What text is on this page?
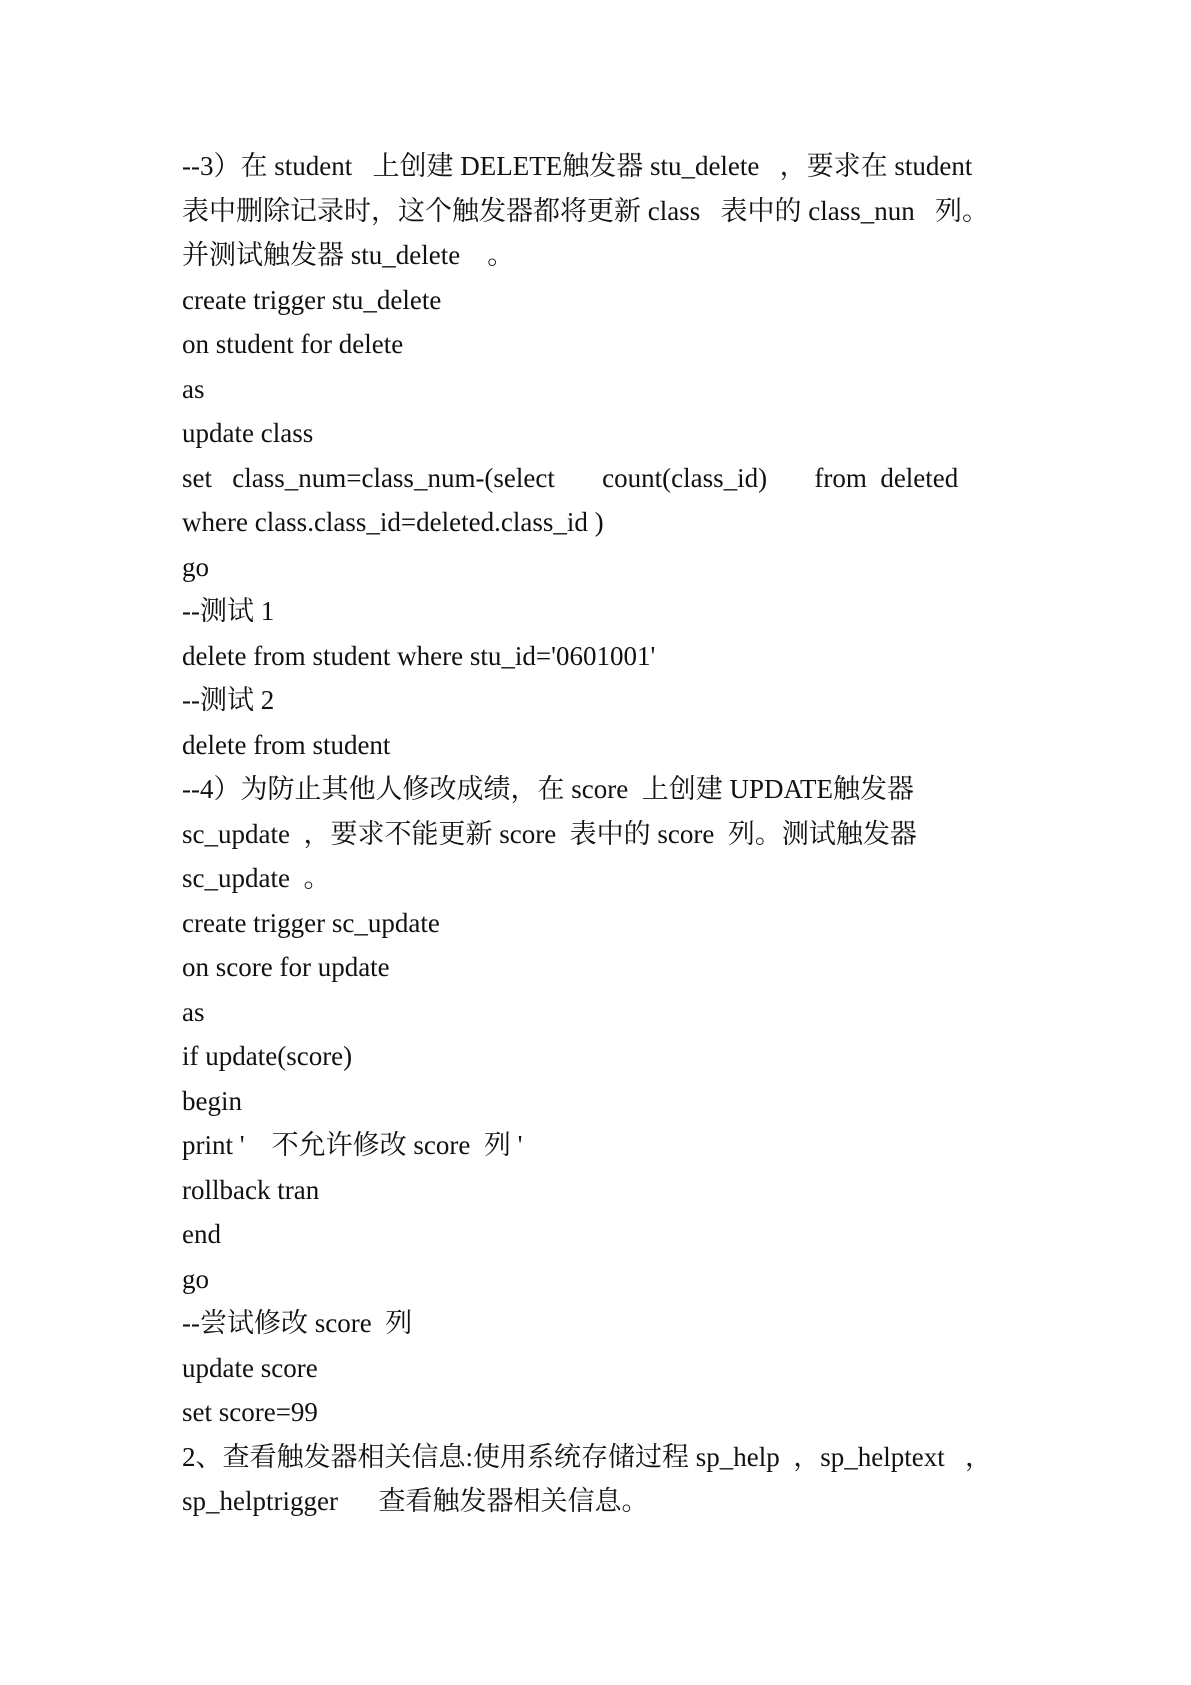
--3）在 student   上创建 DELETE触发器 stu_delete   ，要求在 student
表中删除记录时，这个触发器都将更新 class   表中的 class_nun   列。
并测试触发器 stu_delete    。
create trigger stu_delete
on student for delete
as
update class
set   class_num=class_num-(select       count(class_id)       from  deleted
where class.class_id=deleted.class_id )
go
--测试 1
delete from student where stu_id='0601001'
--测试 2
delete from student
--4）为防止其他人修改成绩，在 score  上创建 UPDATE触发器
sc_update  ，要求不能更新 score  表中的 score  列。测试触发器
sc_update  。
create trigger sc_update
on score for update
as
if update(score)
begin
print '    不允许修改 score  列 '
rollback tran
end
go
--尝试修改 score  列
update score
set score=99
2、查看触发器相关信息:使用系统存储过程 sp_help  ，sp_helptext   ，
sp_helptrigger      查看触发器相关信息。
